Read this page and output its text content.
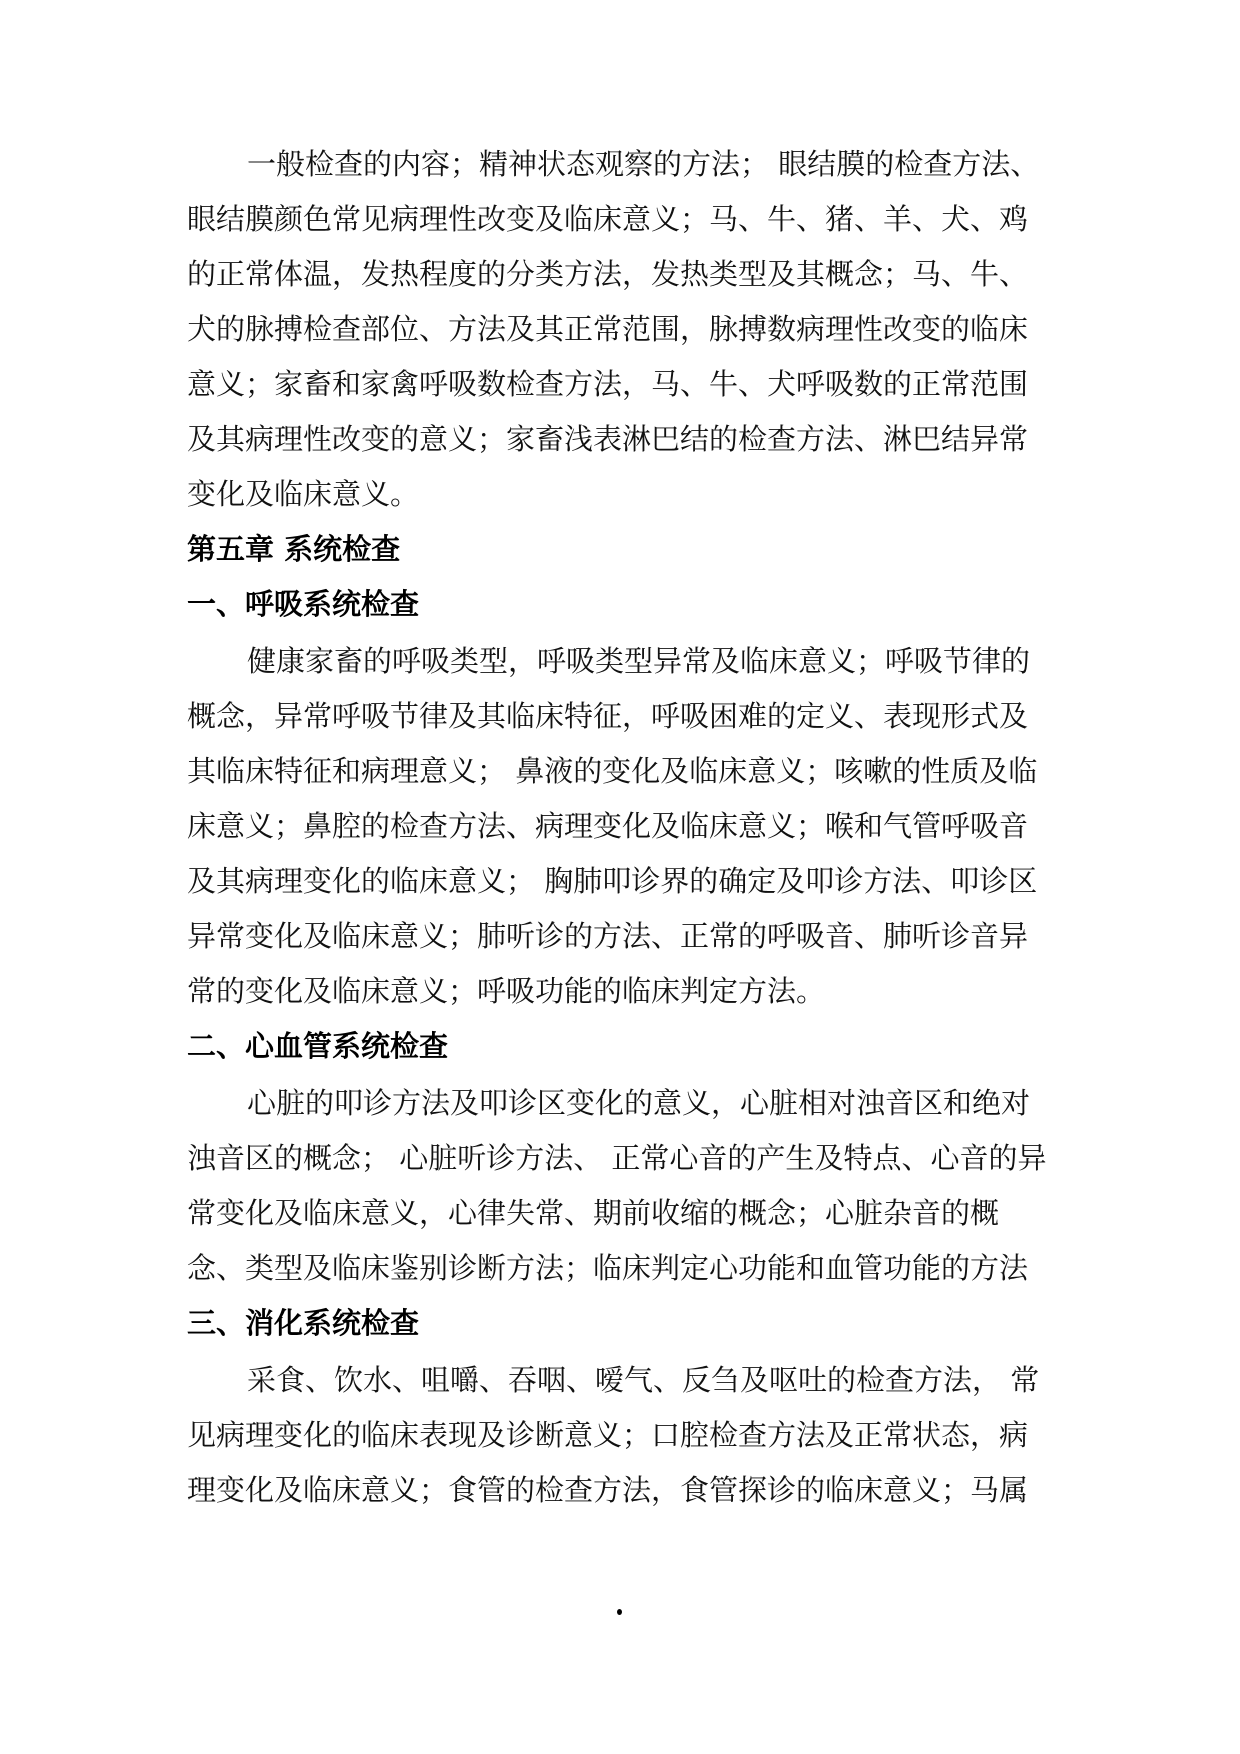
一般检查的内容；精神状态观察的方法； 眼结膜的检查方法、
眼结膜颜色常见病理性改变及临床意义；马、牛、猪、羊、犬、鸡
的正常体温，发热程度的分类方法，发热类型及其概念；马、牛、
犬的脉搏检查部位、方法及其正常范围，脉搏数病理性改变的临床
意义；家畜和家禽呼吸数检查方法，马、牛、犬呼吸数的正常范围
及其病理性改变的意义；家畜浅表淋巴结的检查方法、淋巴结异常
变化及临床意义。
第五章 系统检查
一、呼吸系统检查
健康家畜的呼吸类型，呼吸类型异常及临床意义；呼吸节律的
概念，异常呼吸节律及其临床特征，呼吸困难的定义、表现形式及
其临床特征和病理意义； 鼻液的变化及临床意义；咳嗽的性质及临
床意义；鼻腔的检查方法、病理变化及临床意义；喉和气管呼吸音
及其病理变化的临床意义； 胸肺叩诊界的确定及叩诊方法、叩诊区
异常变化及临床意义；肺听诊的方法、正常的呼吸音、肺听诊音异
常的变化及临床意义；呼吸功能的临床判定方法。
二、心血管系统检查
心脏的叩诊方法及叩诊区变化的意义，心脏相对浊音区和绝对
浊音区的概念； 心脏听诊方法、 正常心音的产生及特点、心音的异
常变化及临床意义，心律失常、期前收缩的概念；心脏杂音的概
念、类型及临床鉴别诊断方法；临床判定心功能和血管功能的方法
三、消化系统检查
采食、饮水、咀嚼、吞咽、嗳气、反刍及呕吐的检查方法， 常
见病理变化的临床表现及诊断意义；口腔检查方法及正常状态，病
理变化及临床意义；食管的检查方法，食管探诊的临床意义；马属
